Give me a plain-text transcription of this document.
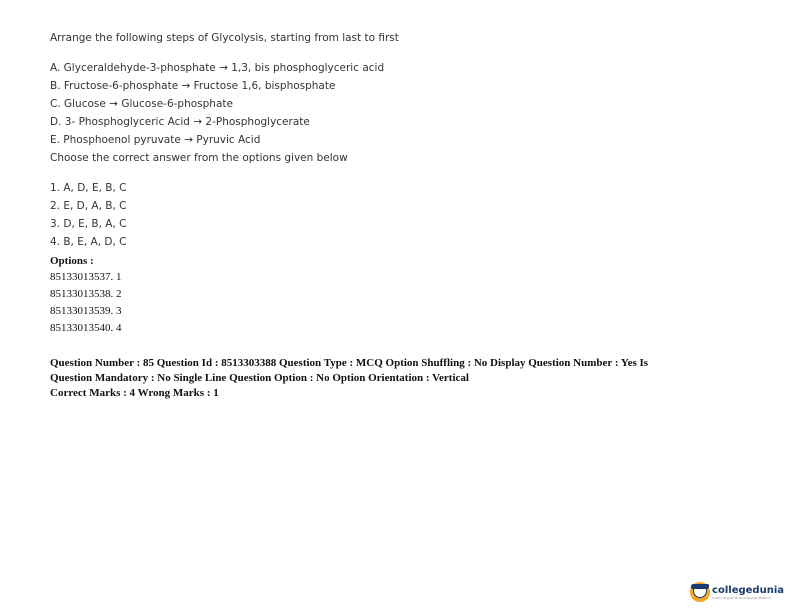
Arrange the following steps of Glycolysis, starting from last to first
A. Glyceraldehyde-3-phosphate → 1,3, bis phosphoglyceric acid
B. Fructose-6-phosphate → Fructose 1,6, bisphosphate
C. Glucose → Glucose-6-phosphate
D. 3- Phosphoglyceric Acid → 2-Phosphoglycerate
E. Phosphoenol pyruvate → Pyruvic Acid
Choose the correct answer from the options given below
1. A, D, E, B, C
2. E, D, A, B, C
3. D, E, B, A, C
4. B, E, A, D, C
Options :
85133013537. 1
85133013538. 2
85133013539. 3
85133013540. 4
Question Number : 85 Question Id : 8513303388 Question Type : MCQ Option Shuffling : No Display Question Number : Yes Is
Question Mandatory : No Single Line Question Option : No Option Orientation : Vertical
Correct Marks : 4 Wrong Marks : 1
collegedunia
India's largest Student Review Platform
